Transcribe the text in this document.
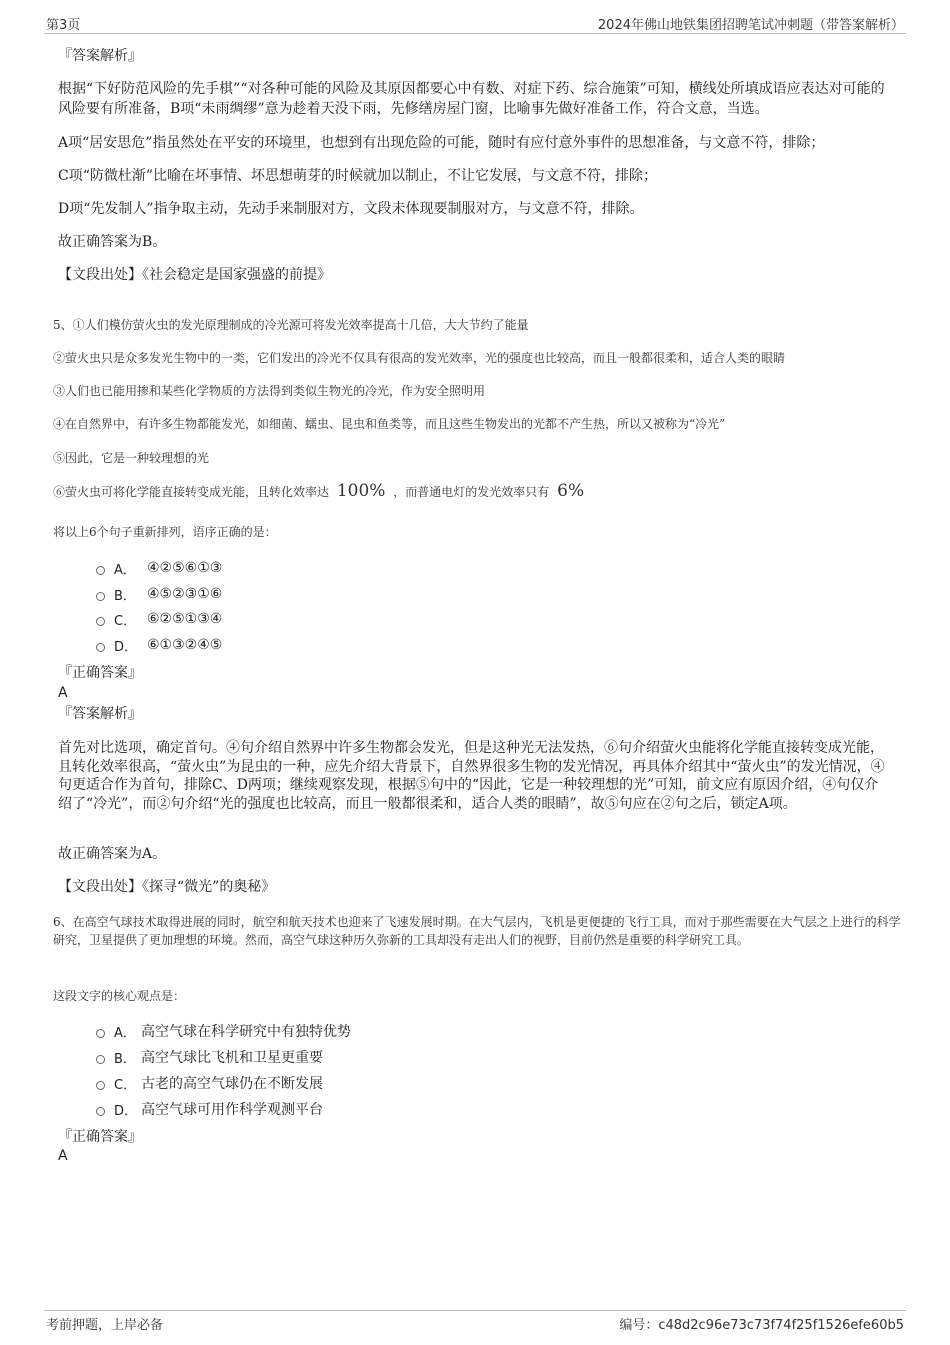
第3页	2024年佛山地铁集团招聘笔试冲刺题（带答案解析）
『答案解析』
根据“下好防范风险的先手棋”“对各种可能的风险及其原因都要心中有数、对症下药、综合施策”可知，横线处所填成语应表达对可能的风险要有所准备，B项“未雨绸缪”意为趁着天没下雨，先修缮房屋门窗，比喻事先做好准备工作，符合文意，当选。
A项“居安思危”指虽然处在平安的环境里，也想到有出现危险的可能，随时有应付意外事件的思想准备，与文意不符，排除；
C项“防微杜渐”比喻在坏事情、坏思想萌芽的时候就加以制止，不让它发展，与文意不符，排除；
D项“先发制人”指争取主动，先动手来制服对方，文段未体现要制服对方，与文意不符，排除。
故正确答案为B。
【文段出处】《社会稳定是国家强盛的前提》
5、①人们模仿萤火虫的发光原理制成的冷光源可将发光效率提高十几倍，大大节约了能量
②萤火虫只是众多发光生物中的一类，它们发出的冷光不仅具有很高的发光效率，光的强度也比较高，而且一般都很柔和，适合人类的眼睛
③人们也已能用掺和某些化学物质的方法得到类似生物光的冷光，作为安全照明用
④在自然界中，有许多生物都能发光，如细菌、蠕虫、昆虫和鱼类等，而且这些生物发出的光都不产生热，所以又被称为“冷光”
⑤因此，它是一种较理想的光
⑥萤火虫可将化学能直接转变成光能，且转化效率达 100% ，而普通电灯的发光效率只有 6%
将以上6个句子重新排列，语序正确的是：
A． ④②⑤⑥①③
B． ④⑤②③①⑥
C． ⑥②⑤①③④
D． ⑥①③②④⑤
『正确答案』
A
『答案解析』
首先对比选项，确定首句。④句介绍自然界中许多生物都会发光，但是这种光无法发热，⑥句介绍萤火虫能将化学能直接转变成光能，且转化效率很高，“萤火虫”为昆虫的一种，应先介绍大背景下，自然界很多生物的发光情况，再具体介绍其中“萤火虫”的发光情况，④句更适合作为首句，排除C、D两项；继续观察发现，根据⑤句中的“因此，它是一种较理想的光”可知，前文应有原因介绍，④句仅介绍了“冷光”，而②句介绍“光的强度也比较高，而且一般都很柔和，适合人类的眼睛”，故⑤句应在②句之后，锁定A项。
故正确答案为A。
【文段出处】《探寻“微光”的奥秘》
6、在高空气球技术取得进展的同时，航空和航天技术也迎来了飞速发展时期。在大气层内，飞机是更便捷的飞行工具，而对于那些需要在大气层之上进行的科学研究，卫星提供了更加理想的环境。然而，高空气球这种历久弥新的工具却没有走出人们的视野，目前仍然是重要的科学研究工具。
这段文字的核心观点是：
A． 高空气球在科学研究中有独特优势
B． 高空气球比飞机和卫星更重要
C． 古老的高空气球仍在不断发展
D． 高空气球可用作科学观测平台
『正确答案』
A
考前押题，上岸必备	编号：c48d2c96e73c73f74f25f1526efe60b5
